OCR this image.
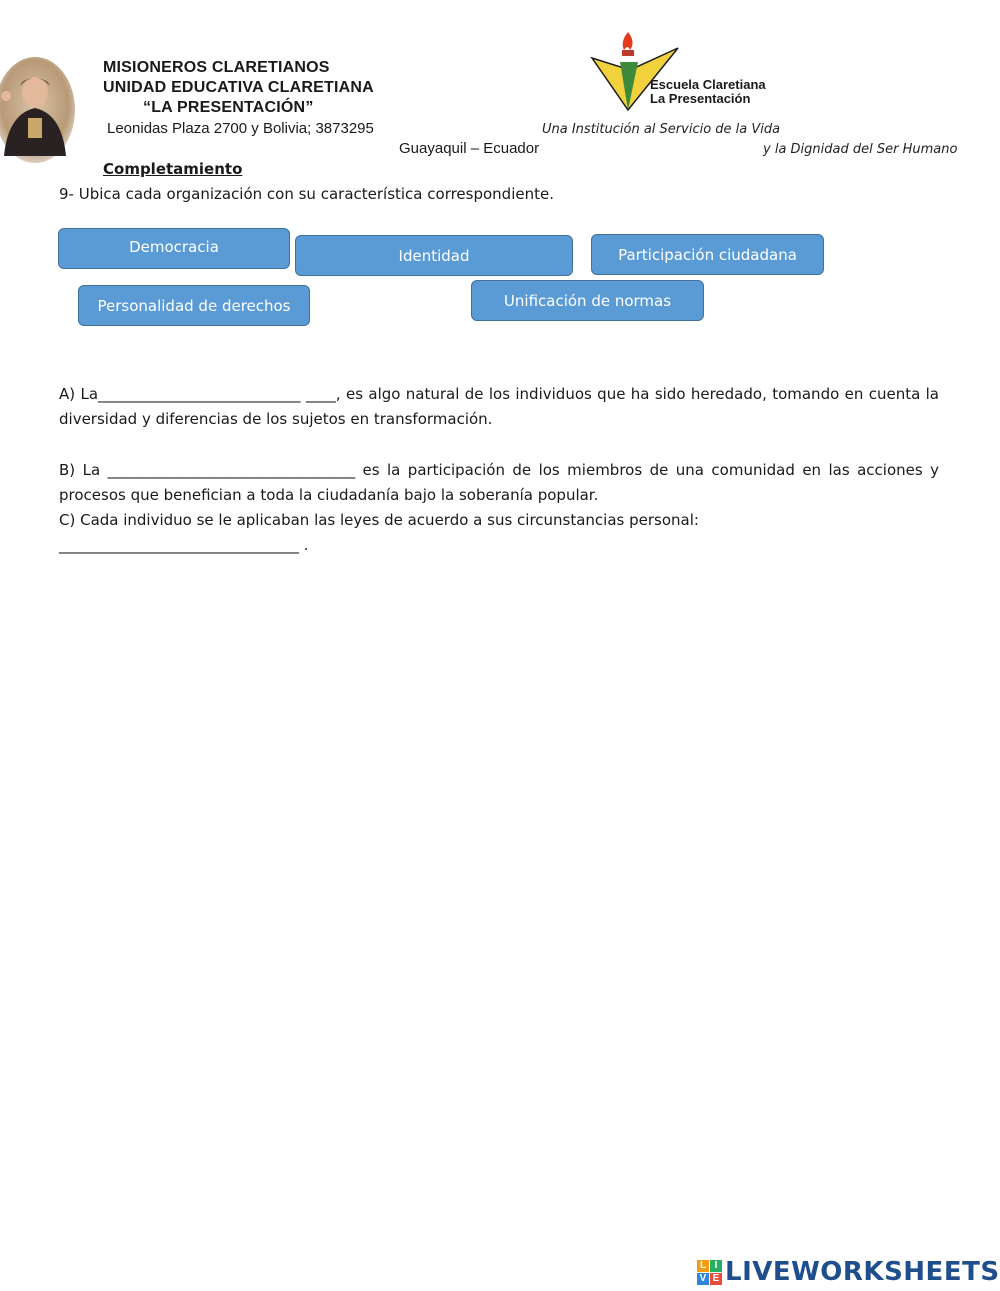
MISIONEROS CLARETIANOS
UNIDAD EDUCATIVA CLARETIANA
“LA PRESENTACIÓN”
Leonidas Plaza 2700 y Bolivia; 3873295
Guayaquil – Ecuador
Escuela Claretiana
La Presentación
Una Institución al Servicio de la Vida
y la Dignidad del Ser Humano
Completamiento
9- Ubica cada organización con su característica correspondiente.
Democracia	Identidad	Participación ciudadana
Personalidad de derechos	Unificación de normas
A) La___________________________ ____, es algo natural de los individuos que ha sido heredado, tomando en cuenta la diversidad y diferencias de los sujetos en transformación.
B) La _________________________________ es la participación de los miembros de una comunidad en las acciones y procesos que benefician a toda la ciudadanía bajo la soberanía popular.
C) Cada individuo se le aplicaban las leyes de acuerdo a sus circunstancias personal:
________________________________ .
L I
V E LIVEWORKSHEETS
